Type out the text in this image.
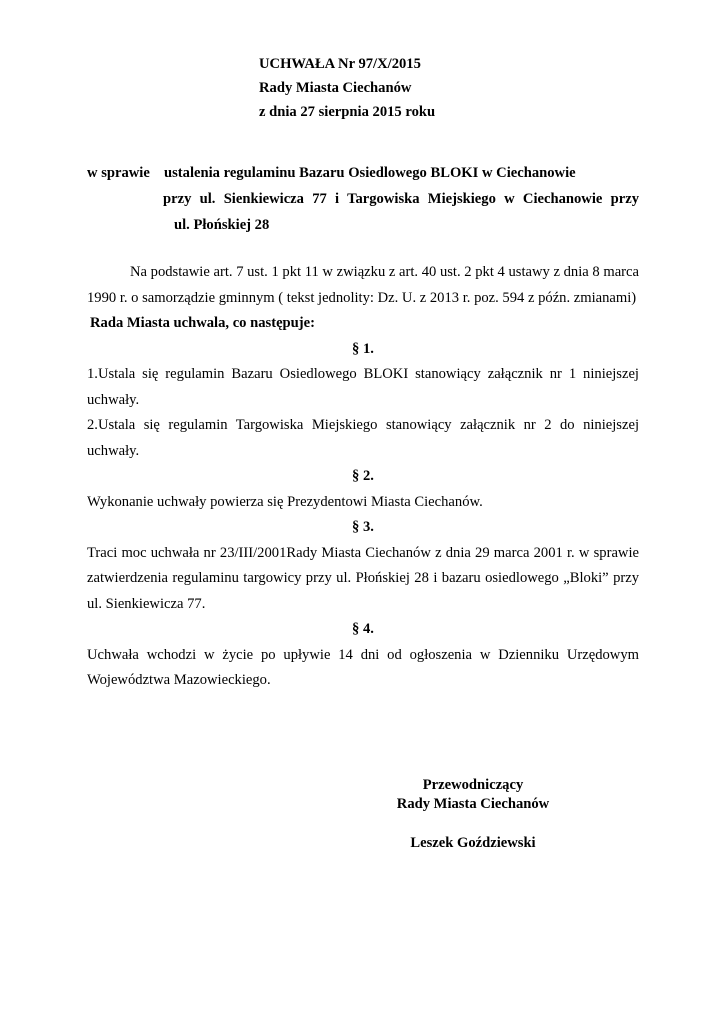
UCHWAŁA Nr 97/X/2015
Rady Miasta Ciechanów
z dnia 27 sierpnia 2015 roku
w sprawie ustalenia regulaminu Bazaru Osiedlowego BLOKI w Ciechanowie
przy ul. Sienkiewicza 77 i Targowiska Miejskiego w Ciechanowie przy
ul. Płońskiej 28

Na podstawie art. 7 ust. 1 pkt 11 w związku z art. 40 ust. 2 pkt 4 ustawy z dnia 8 marca 1990 r. o samorządzie gminnym ( tekst jednolity: Dz. U. z 2013 r. poz. 594 z późn. zmianami)

Rada Miasta uchwala, co następuje:

§ 1.

1.Ustala się regulamin Bazaru Osiedlowego BLOKI stanowiący załącznik nr 1 niniejszej uchwały.

2.Ustala się regulamin Targowiska Miejskiego stanowiący załącznik nr 2 do niniejszej uchwały.

§ 2.

Wykonanie uchwały powierza się Prezydentowi Miasta Ciechanów.

§ 3.

Traci moc uchwała nr 23/III/2001Rady Miasta Ciechanów z dnia 29 marca 2001 r. w sprawie zatwierdzenia regulaminu targowicy przy ul. Płońskiej 28 i bazaru osiedlowego „Bloki” przy ul. Sienkiewicza 77.

§ 4.

Uchwała wchodzi w życie po upływie 14 dni od ogłoszenia w Dzienniku Urzędowym Województwa Mazowieckiego.

Przewodniczący
Rady Miasta Ciechanów
Leszek Goździewski
